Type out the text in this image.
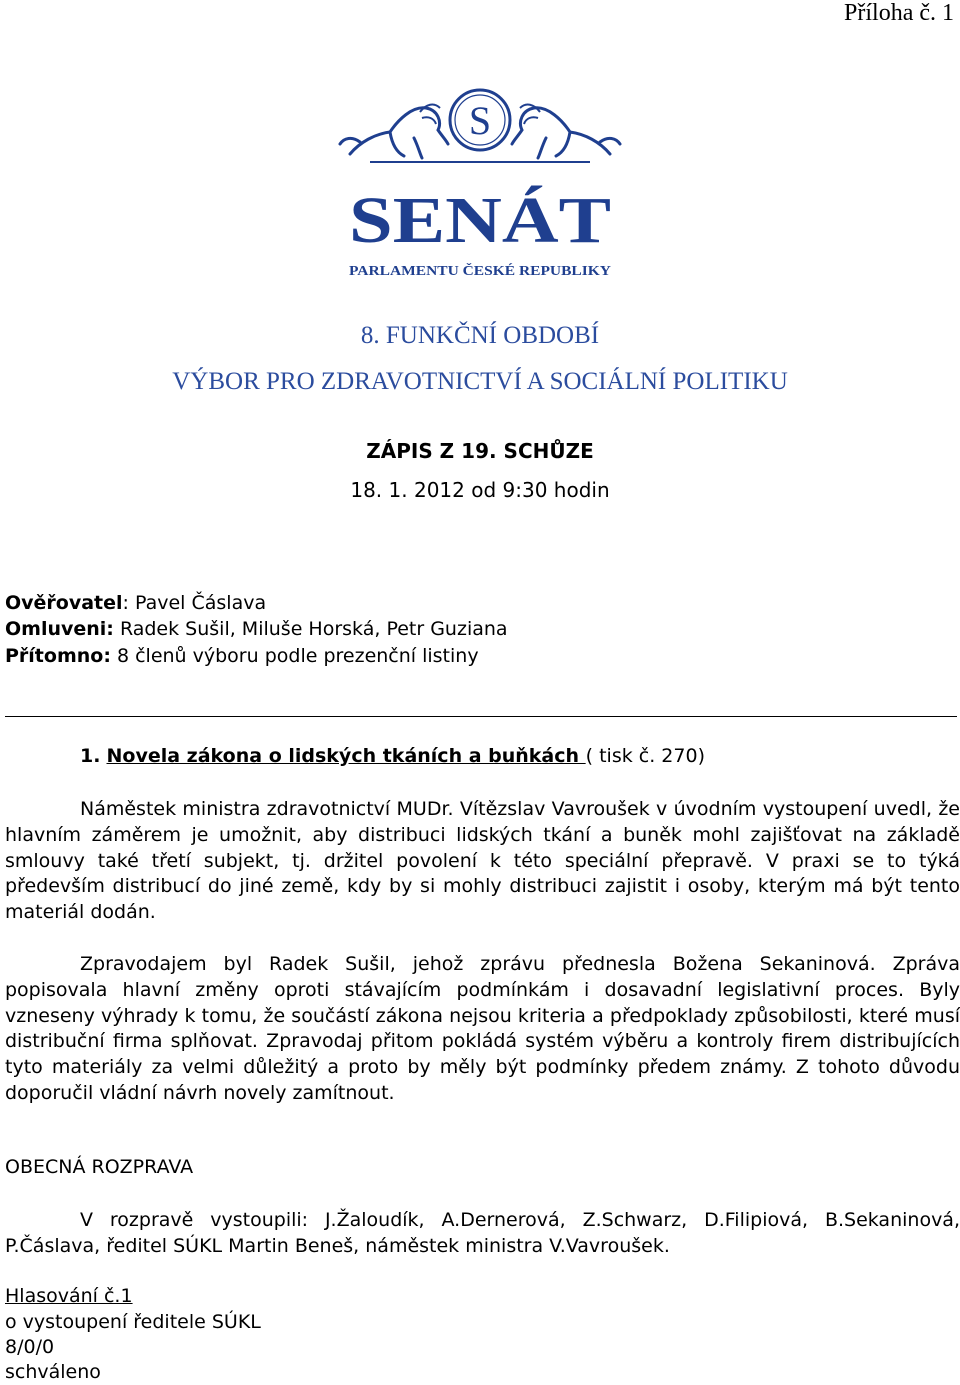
Příloha č. 1
S
SENÁT
PARLAMENTU ČESKÉ REPUBLIKY
8. FUNKČNÍ OBDOBÍ
VÝBOR PRO ZDRAVOTNICTVÍ A SOCIÁLNÍ POLITIKU
ZÁPIS Z 19. SCHŮZE
18. 1. 2012 od 9:30 hodin
Ověřovatel: Pavel Čáslava
Omluveni: Radek Sušil, Miluše Horská, Petr Guziana
Přítomno: 8 členů výboru podle prezenční listiny
1. Novela zákona o lidských tkáních a buňkách ( tisk č. 270)
Náměstek ministra zdravotnictví MUDr. Vítězslav Vavroušek v úvodním vystoupení uvedl, že hlavním záměrem je umožnit, aby distribuci lidských tkání a buněk mohl zajišťovat na základě smlouvy také třetí subjekt, tj. držitel povolení k této speciální přepravě. V praxi se to týká především distribucí do jiné země, kdy by si mohly distribuci zajistit i osoby, kterým má být tento materiál dodán.
Zpravodajem byl Radek Sušil, jehož zprávu přednesla Božena Sekaninová. Zpráva popisovala hlavní změny oproti stávajícím podmínkám i dosavadní legislativní proces. Byly vzneseny výhrady k tomu, že součástí zákona nejsou kriteria a předpoklady způsobilosti, které musí distribuční firma splňovat. Zpravodaj přitom pokládá systém výběru a kontroly firem distribujících tyto materiály za velmi důležitý a proto by měly být podmínky předem známy. Z tohoto důvodu doporučil vládní návrh novely zamítnout.
OBECNÁ ROZPRAVA
V rozpravě vystoupili: J.Žaloudík, A.Dernerová, Z.Schwarz, D.Filipiová, B.Sekaninová, P.Čáslava, ředitel SÚKL Martin Beneš, náměstek ministra V.Vavroušek.
Hlasování č.1
o vystoupení ředitele SÚKL
8/0/0
schváleno
